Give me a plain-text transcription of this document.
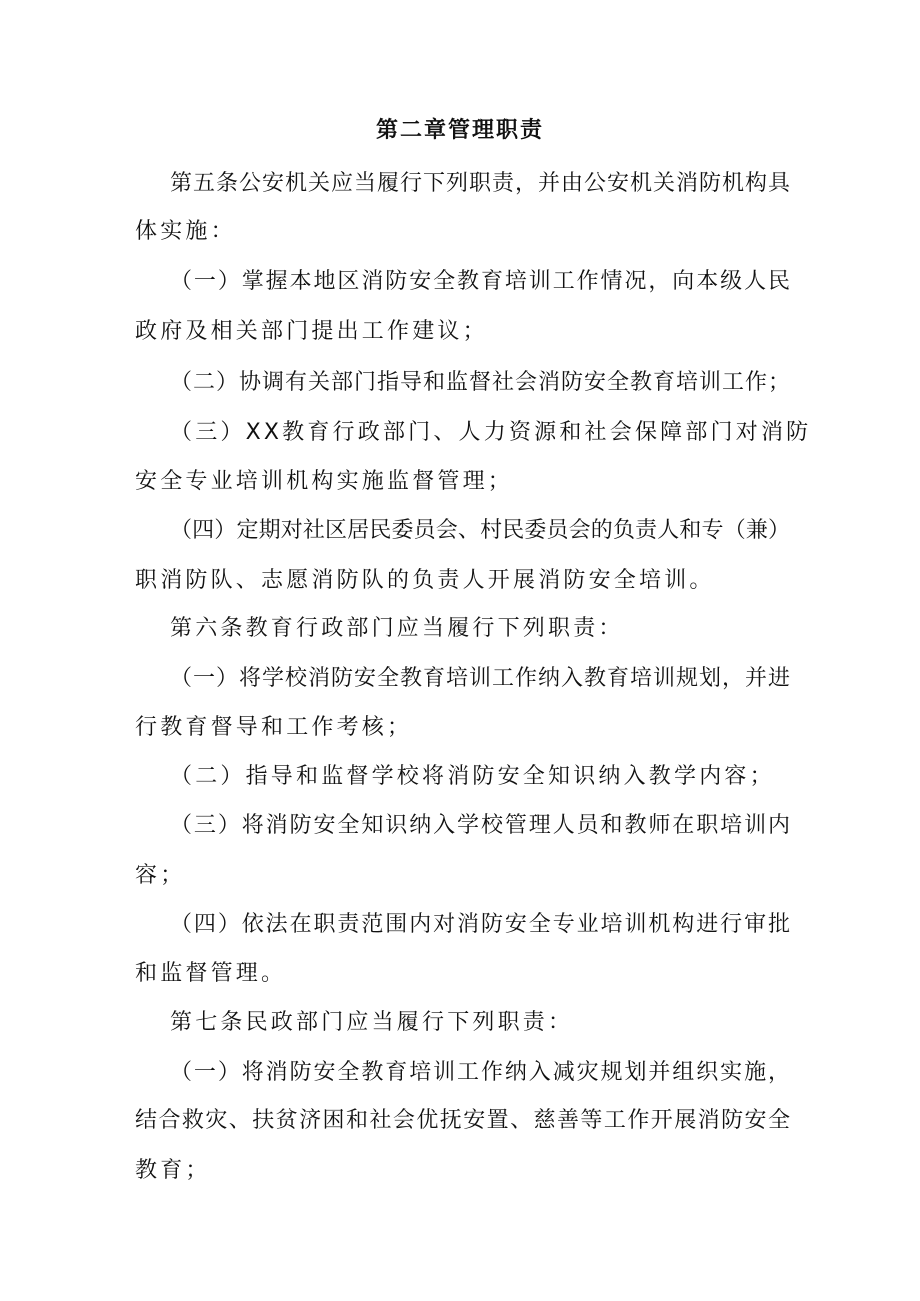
第二章管理职责
第五条公安机关应当履行下列职责，并由公安机关消防机构具
体实施：
（一）掌握本地区消防安全教育培训工作情况，向本级人民
政府及相关部门提出工作建议；
（二）协调有关部门指导和监督社会消防安全教育培训工作；
（三）XX教育行政部门、人力资源和社会保障部门对消防
安全专业培训机构实施监督管理；
（四）定期对社区居民委员会、村民委员会的负责人和专（兼）
职消防队、志愿消防队的负责人开展消防安全培训。
第六条教育行政部门应当履行下列职责：
（一）将学校消防安全教育培训工作纳入教育培训规划，并进
行教育督导和工作考核；
（二）指导和监督学校将消防安全知识纳入教学内容；
（三）将消防安全知识纳入学校管理人员和教师在职培训内
容；
（四）依法在职责范围内对消防安全专业培训机构进行审批
和监督管理。
第七条民政部门应当履行下列职责：
（一）将消防安全教育培训工作纳入减灾规划并组织实施，
结合救灾、扶贫济困和社会优抚安置、慈善等工作开展消防安全
教育；
